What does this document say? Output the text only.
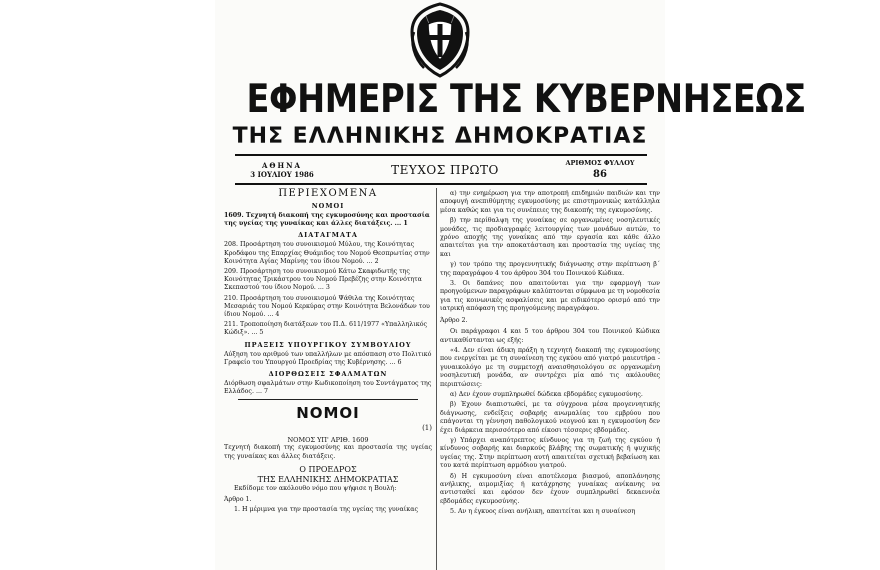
ΕΦΗΜΕΡΙΣ ΤΗΣ ΚΥΒΕΡΝΗΣΕΩΣ
ΤΗΣ ΕΛΛΗΝΙΚΗΣ ΔΗΜΟΚΡΑΤΙΑΣ
ΑΘΗΝΑ
3 ΙΟΥΛΙΟΥ 1986	ΤΕΥΧΟΣ ΠΡΩΤΟ	ΑΡΙΘΜΟΣ ΦΥΛΛΟΥ
86
ΠΕΡΙΕΧΟΜΕΝΑ
ΝΟΜΟΙ
1609. Τεχνητή διακοπή της εγκυμοσύνης και προστασία της υγείας της γυναίκας και άλλες διατάξεις. ... 1
ΔΙΑΤΑΓΜΑΤΑ
208. Προσάρτηση του συνοικισμού Μύλου, της Κοινότητας Κροδάφου της Επαρχίας Θυάμιδος του Νομού Θεσπρωτίας στην Κοινότητα Αγίας Μαρίνης του ίδιου Νομού. ... 2
209. Προσάρτηση του συνοικισμού Κάτω Σκαφιδωτής της Κοινότητας Τρικάστρου του Νομού Πρεβέζης στην Κοινότητα Σκεπαστού του ίδιου Νομού. ... 3
210. Προσάρτηση του συνοικισμού Ψάθιλα της Κοινότητας Μεσαριάς του Νομού Κερκύρας στην Κοινότητα Βελονάδων του ίδιου Νομού. ... 4
211. Τροποποίηση διατάξεων του Π.Δ. 611/1977 «Υπαλληλικός Κώδιξ». ... 5
ΠΡΑΞΕΙΣ ΥΠΟΥΡΓΙΚΟΥ ΣΥΜΒΟΥΛΙΟΥ
Αύξηση του αριθμού των υπαλλήλων με απόσπαση στο Πολιτικό Γραφείο του Υπουργού Προεδρίας της Κυβέρνησης. ... 6
ΔΙΟΡΘΩΣΕΙΣ ΣΦΑΛΜΑΤΩΝ
Διόρθωση σφαλμάτων στην Κωδικοποίηση του Συντάγματος της Ελλάδος. ... 7
ΝΟΜΟΙ
(1)
ΝΟΜΟΣ ΥΠ' ΑΡΙΘ. 1609
Τεχνητή διακοπή της εγκυμοσύνης και προστασία της υγείας της γυναίκας και άλλες διατάξεις.
Ο ΠΡΟΕΔΡΟΣ
ΤΗΣ ΕΛΛΗΝΙΚΗΣ ΔΗΜΟΚΡΑΤΙΑΣ
Εκδίδομε τον ακόλουθο νόμο που ψήφισε η Βουλή:
Άρθρο 1.
1. Η μέριμνα για την προστασία της υγείας της γυναίκας
α) την ενημέρωση για την αποτροπή επιδημιών παιδιών και την αποφυγή ανεπιθύμητης εγκυμοσύνης με επιστημονικώς κατάλληλα μέσα καθώς και για τις συνέπειες της διακοπής της εγκυμοσύνης.
β) την περίθαλψη της γυναίκας σε οργανωμένες νοσηλευτικές μονάδες, τις προδιαγραφές λειτουργίας των μονάδων αυτών, το χρόνο αποχής της γυναίκας από την εργασία και κάθε άλλο απαιτείται για την αποκατάσταση και προστασία της υγείας της και
γ) τον τρόπο της προγεννητικής διάγνωσης στην περίπτωση β΄ της παραγράφου 4 του άρθρου 304 του Ποινικού Κώδικα.
3. Οι δαπάνες που απαιτούνται για την εφαρμογή των προηγούμενων παραγράφων καλύπτονται σύμφωνα με τη νομοθεσία για τις κοινωνικές ασφαλίσεις και με ειδικότερο ορισμό από την ιατρική απόφαση της προηγούμενης παραγράφου.
Άρθρο 2.
Οι παράγραφοι 4 και 5 του άρθρου 304 του Ποινικού Κώδικα αντικαθίστανται ως εξής:
«4. Δεν είναι άδικη πράξη η τεχνητή διακοπή της εγκυμοσύνης που ενεργείται με τη συναίνεση της εγκύου από γιατρό μαιευτήρα - γυναικολόγο με τη συμμετοχή αναισθησιολόγου σε οργανωμένη νοσηλευτική μονάδα, αν συντρέχει μία από τις ακόλουθες περιπτώσεις:
α) Δεν έχουν συμπληρωθεί δώδεκα εβδομάδες εγκυμοσύνης.
β) Έχουν διαπιστωθεί, με τα σύγχρονα μέσα προγεννητικής διάγνωσης, ενδείξεις σοβαρής ανωμαλίας του εμβρύου που επάγονται τη γέννηση παθολογικού νεογνού και η εγκυμοσύνη δεν έχει διάρκεια περισσότερο από είκοσι τέσσερις εβδομάδες.
γ) Υπάρχει αναπότρεπτος κίνδυνος για τη ζωή της εγκύου ή κίνδυνος σοβαρής και διαρκούς βλάβης της σωματικής ή ψυχικής υγείας της. Στην περίπτωση αυτή απαιτείται σχετική βεβαίωση και του κατά περίπτωση αρμόδιου γιατρού.
δ) Η εγκυμοσύνη είναι αποτέλεσμα βιασμού, αποπλάνησης ανήλικης, αιμομιξίας ή κατάχρησης γυναίκας ανίκανης να αντισταθεί και εφόσον δεν έχουν συμπληρωθεί δεκαεννέα εβδομάδες εγκυμοσύνης.
5. Αν η έγκυος είναι ανήλικη, απαιτείται και η συναίνεση
